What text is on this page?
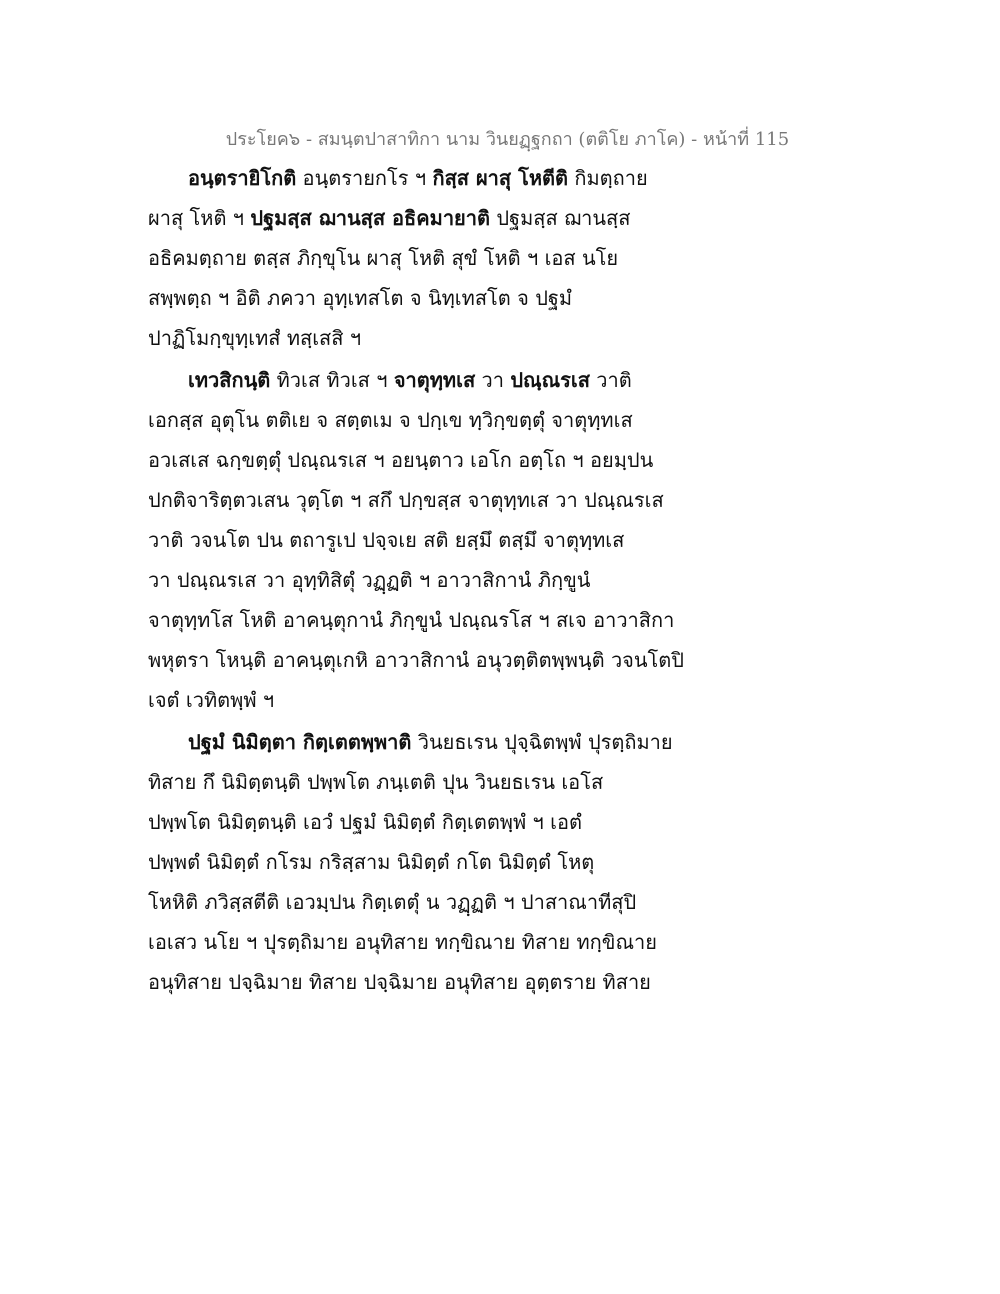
ประโยค๖ - สมนฺตปาสาทิกา นาม วินยฏฺฐกถา (ตติโย ภาโค) - หน้าที่ 115
อนฺตรายิโกติ อนฺตรายกโร ฯ กิสฺส ผาสุ โหตีติ กิมตฺถาย
ผาสุ โหติ ฯ ปฐมสฺส ฌานสฺส อธิคมายาติ ปฐมสฺส ฌานสฺส
อธิคมตฺถาย ตสฺส ภิกฺขุโน ผาสุ โหติ สุขํ โหติ ฯ เอส นโย
สพฺพตฺถ ฯ อิติ ภควา อุทฺเทสโต จ นิทฺเทสโต จ ปฐมํ
ปาฏิโมกฺขุทฺเทสํ ทสฺเสสิ ฯ
เทวสิกนฺติ ทิวเส ทิวเส ฯ จาตุทฺทเส วา ปณฺณรเส วาติ
เอกสฺส อุตุโน ตติเย จ สตฺตเม จ ปกฺเข ทฺวิกฺขตฺตุํ จาตุทฺทเส
อวเสเส ฉกฺขตฺตุํ ปณฺณรเส ฯ อยนฺตาว เอโก อตฺโถ ฯ อยมฺปน
ปกติจาริตฺตวเสน วุตฺโต ฯ สกึ ปกฺขสฺส จาตุทฺทเส วา ปณฺณรเส
วาติ วจนโต ปน ตถารูเป ปจฺจเย สติ ยสฺมึ ตสฺมึ จาตุทฺทเส
วา ปณฺณรเส วา อุทฺทิสิตุํ วฏฺฏติ ฯ อาวาสิกานํ ภิกฺขูนํ
จาตุทฺทโส โหติ อาคนฺตุกานํ ภิกฺขูนํ ปณฺณรโส ฯ สเจ อาวาสิกา
พหุตรา โหนฺติ อาคนฺตุเกหิ อาวาสิกานํ อนุวตฺติตพฺพนฺติ วจนโตปิ
เจตํ เวทิตพฺพํ ฯ
ปฐมํ นิมิตฺตา กิตฺเตตพฺพาติ วินยธเรน ปุจฺฉิตพฺพํ ปุรตฺถิมาย
ทิสาย กึ นิมิตฺตนฺติ ปพฺพโต ภนฺเตติ ปุน วินยธเรน เอโส
ปพฺพโต นิมิตฺตนฺติ เอวํ ปฐมํ นิมิตฺตํ กิตฺเตตพฺพํ ฯ เอตํ
ปพฺพตํ นิมิตฺตํ กโรม กริสฺสาม นิมิตฺตํ กโต นิมิตฺตํ โหตุ
โหหิติ ภวิสฺสตีติ เอวมฺปน กิตฺเตตุํ น วฏฺฏติ ฯ ปาสาณาทีสุปิ
เอเสว นโย ฯ ปุรตฺถิมาย อนุทิสาย ทกฺขิณาย ทิสาย ทกฺขิณาย
อนุทิสาย ปจฺฉิมาย ทิสาย ปจฺฉิมาย อนุทิสาย อุตฺตราย ทิสาย
